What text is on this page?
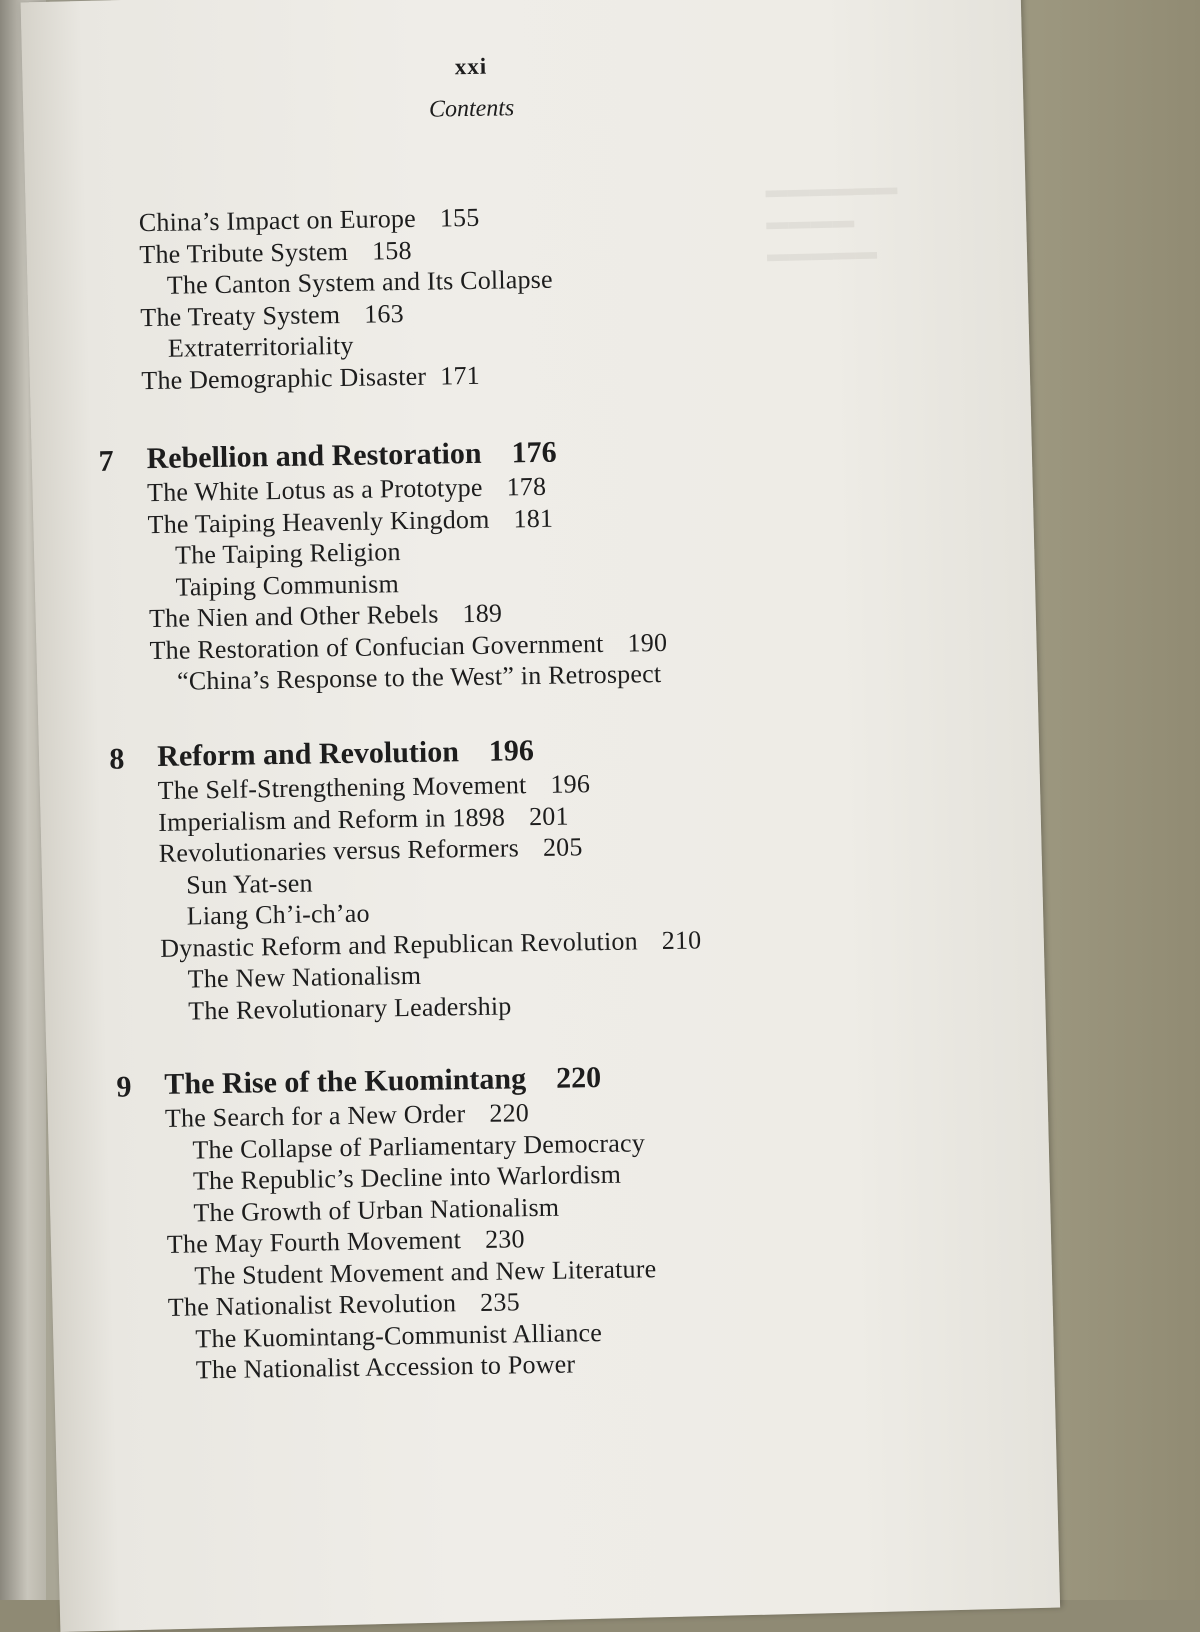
▬▬▬▬▬▬
▬▬▬▬
▬▬▬▬▬
xxi
Contents
China’s Impact on Europe 155
The Tribute System 158
The Canton System and Its Collapse
The Treaty System 163
Extraterritoriality
The Demographic Disaster 171
7 Rebellion and Restoration 176
The White Lotus as a Prototype 178
The Taiping Heavenly Kingdom 181
The Taiping Religion
Taiping Communism
The Nien and Other Rebels 189
The Restoration of Confucian Government 190
“China’s Response to the West” in Retrospect
8 Reform and Revolution 196
The Self-Strengthening Movement 196
Imperialism and Reform in 1898 201
Revolutionaries versus Reformers 205
Sun Yat-sen
Liang Ch’i-ch’ao
Dynastic Reform and Republican Revolution 210
The New Nationalism
The Revolutionary Leadership
9 The Rise of the Kuomintang 220
The Search for a New Order 220
The Collapse of Parliamentary Democracy
The Republic’s Decline into Warlordism
The Growth of Urban Nationalism
The May Fourth Movement 230
The Student Movement and New Literature
The Nationalist Revolution 235
The Kuomintang-Communist Alliance
The Nationalist Accession to Power
